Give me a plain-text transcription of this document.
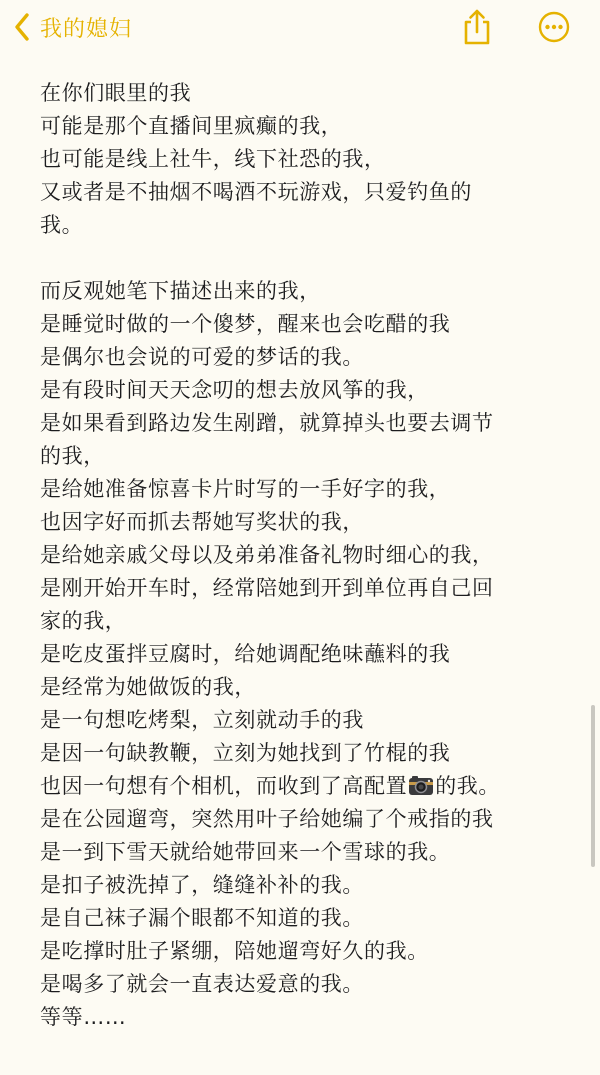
我的媳妇
在你们眼里的我
可能是那个直播间里疯癫的我，
也可能是线上社牛，线下社恐的我，
又或者是不抽烟不喝酒不玩游戏，只爱钓鱼的
我。
而反观她笔下描述出来的我，
是睡觉时做的一个傻梦，醒来也会吃醋的我
是偶尔也会说的可爱的梦话的我。
是有段时间天天念叨的想去放风筝的我，
是如果看到路边发生剐蹭，就算掉头也要去调节
的我，
是给她准备惊喜卡片时写的一手好字的我，
也因字好而抓去帮她写奖状的我，
是给她亲戚父母以及弟弟准备礼物时细心的我，
是刚开始开车时，经常陪她到开到单位再自己回
家的我，
是吃皮蛋拌豆腐时，给她调配绝味蘸料的我
是经常为她做饭的我，
是一句想吃烤梨，立刻就动手的我
是因一句缺教鞭，立刻为她找到了竹棍的我
也因一句想有个相机，而收到了高配置 的我。
是在公园遛弯，突然用叶子给她编了个戒指的我
是一到下雪天就给她带回来一个雪球的我。
是扣子被洗掉了，缝缝补补的我。
是自己袜子漏个眼都不知道的我。
是吃撑时肚子紧绷，陪她遛弯好久的我。
是喝多了就会一直表达爱意的我。
等等……
